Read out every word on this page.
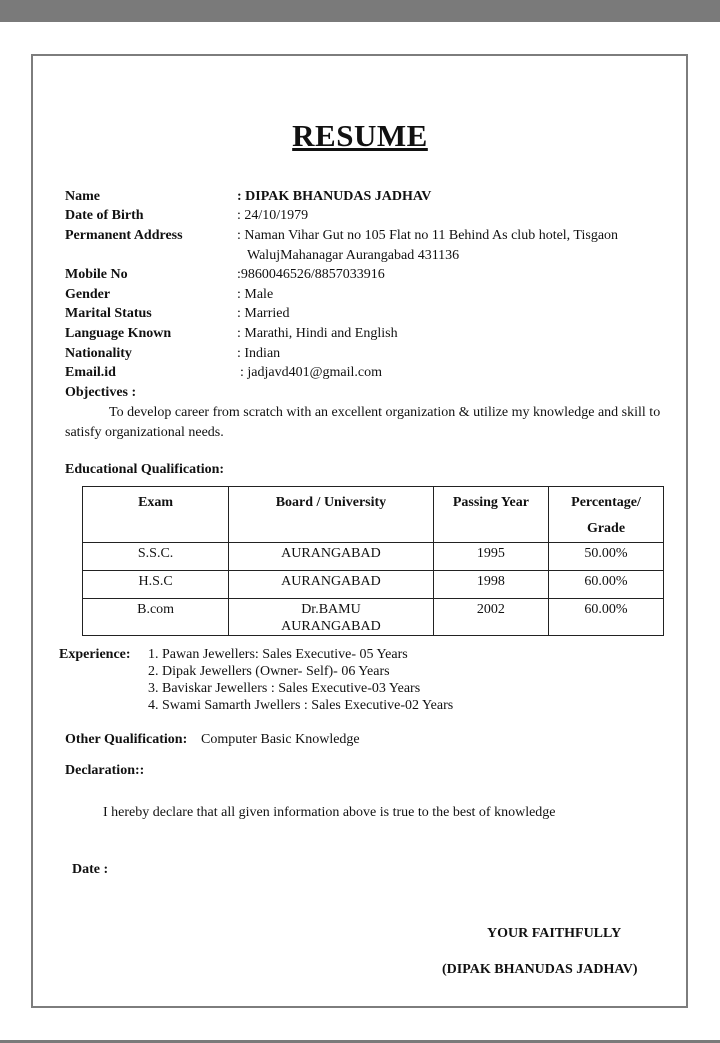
RESUME
Name	: DIPAK BHANUDAS JADHAV
Date of Birth	: 24/10/1979
Permanent Address	: Naman Vihar Gut no 105 Flat no 11 Behind As club hotel, Tisgaon
WalujMahanagar Aurangabad 431136
Mobile No	:9860046526/8857033916
Gender	: Male
Marital Status	: Married
Language Known	: Marathi, Hindi and English
Nationality	: Indian
Email.id	: jadjavd401@gmail.com
Objectives :
To develop career from scratch with an excellent organization & utilize my knowledge and skill to satisfy organizational needs.
Educational Qualification:
Exam	Board / University	Passing Year	Percentage/ Grade
S.S.C.	AURANGABAD	1995	50.00%
H.S.C	AURANGABAD	1998	60.00%
B.com	Dr.BAMU AURANGABAD	2002	60.00%
Experience: 1. Pawan Jewellers: Sales Executive- 05 Years
2. Dipak Jewellers (Owner- Self)- 06 Years
3. Baviskar Jewellers : Sales Executive-03 Years
4. Swami Samarth Jwellers : Sales Executive-02 Years
Other Qualification: Computer Basic Knowledge
Declaration::
I hereby declare that all given information above is true to the best of knowledge
Date :
YOUR FAITHFULLY
(DIPAK BHANUDAS JADHAV)
